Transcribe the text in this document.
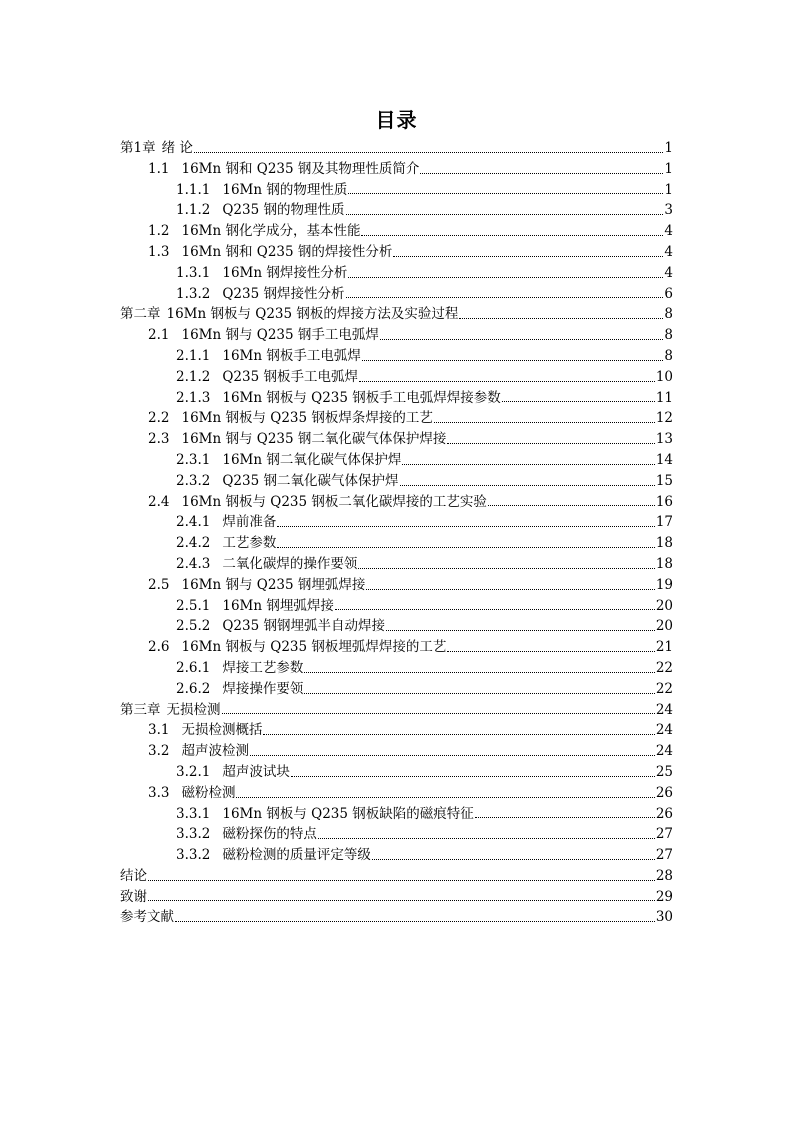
目录
第1章 绪 论	1
1.1 16Mn 钢和 Q235 钢及其物理性质简介	1
1.1.1 16Mn 钢的物理性质	1
1.1.2 Q235 钢的物理性质	3
1.2 16Mn 钢化学成分，基本性能	4
1.3 16Mn 钢和 Q235 钢的焊接性分析	4
1.3.1 16Mn 钢焊接性分析	4
1.3.2 Q235 钢焊接性分析	6
第二章 16Mn 钢板与 Q235 钢板的焊接方法及实验过程	8
2.1 16Mn 钢与 Q235 钢手工电弧焊	8
2.1.1 16Mn 钢板手工电弧焊	8
2.1.2 Q235 钢板手工电弧焊	10
2.1.3 16Mn 钢板与 Q235 钢板手工电弧焊焊接参数	11
2.2 16Mn 钢板与 Q235 钢板焊条焊接的工艺	12
2.3 16Mn 钢与 Q235 钢二氧化碳气体保护焊接	13
2.3.1 16Mn 钢二氧化碳气体保护焊	14
2.3.2 Q235 钢二氧化碳气体保护焊	15
2.4 16Mn 钢板与 Q235 钢板二氧化碳焊接的工艺实验	16
2.4.1 焊前准备	17
2.4.2 工艺参数	18
2.4.3 二氧化碳焊的操作要领	18
2.5 16Mn 钢与 Q235 钢埋弧焊接	19
2.5.1 16Mn 钢埋弧焊接	20
2.5.2 Q235 钢钢埋弧半自动焊接	20
2.6 16Mn 钢板与 Q235 钢板埋弧焊焊接的工艺	21
2.6.1 焊接工艺参数	22
2.6.2 焊接操作要领	22
第三章 无损检测	24
3.1 无损检测概括	24
3.2 超声波检测	24
3.2.1 超声波试块	25
3.3 磁粉检测	26
3.3.1 16Mn 钢板与 Q235 钢板缺陷的磁痕特征	26
3.3.2 磁粉探伤的特点	27
3.3.2 磁粉检测的质量评定等级	27
结论	28
致谢	29
参考文献	30
